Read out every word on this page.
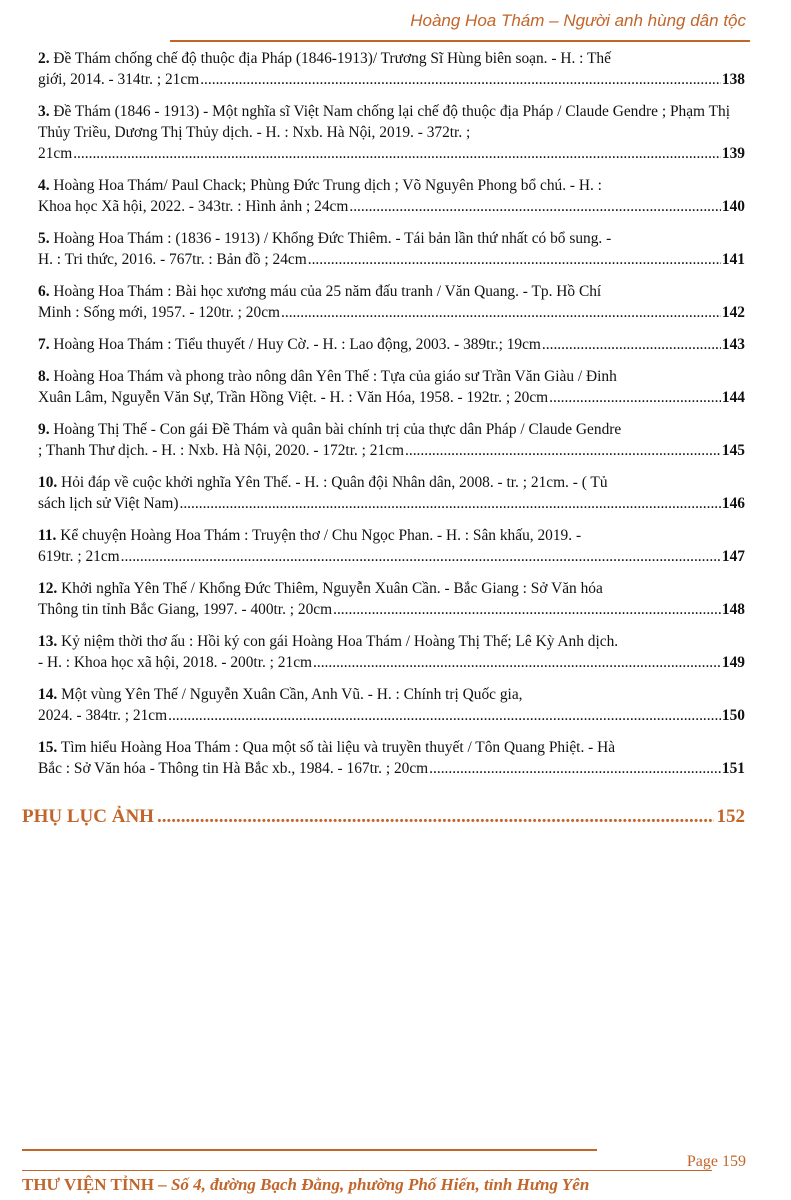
Hoàng Hoa Thám – Người anh hùng dân tộc
2. Đề Thám chống chế độ thuộc địa Pháp (1846-1913)/ Trương Sĩ Hùng biên soạn. - H. : Thế
giới, 2014. - 314tr. ; 21cm .....	138
3. Đề Thám (1846 - 1913) - Một nghĩa sĩ Việt Nam chống lại chế độ thuộc địa Pháp / Claude Gendre ; Phạm Thị Thủy Triều, Dương Thị Thủy dịch. - H. : Nxb. Hà Nội, 2019. - 372tr. ;
21cm .....	139
4. Hoàng Hoa Thám/ Paul Chack; Phùng Đức Trung dịch ; Võ Nguyên Phong bổ chú. - H. :
Khoa học Xã hội, 2022. - 343tr. : Hình ảnh ; 24cm .....	140
5. Hoàng Hoa Thám : (1836 - 1913) / Khổng Đức Thiêm. - Tái bản lần thứ nhất có bổ sung. -
H. : Tri thức, 2016. - 767tr. : Bản đồ ; 24cm .....	141
6. Hoàng Hoa Thám : Bài học xương máu của 25 năm đấu tranh / Văn Quang. - Tp. Hồ Chí
Minh : Sống mới, 1957. - 120tr. ; 20cm .....	142
7.
Hoàng Hoa Thám : Tiểu thuyết / Huy Cờ. - H. : Lao động, 2003. - 389tr.; 19cm .....	143
8. Hoàng Hoa Thám và phong trào nông dân Yên Thế : Tựa của giáo sư Trần Văn Giàu / Đinh
Xuân Lâm, Nguyễn Văn Sự, Trần Hồng Việt. - H. : Văn Hóa, 1958. - 192tr. ; 20cm .....	144
9. Hoàng Thị Thế - Con gái Đề Thám và quân bài chính trị của thực dân Pháp / Claude Gendre
; Thanh Thư dịch. - H. : Nxb. Hà Nội, 2020. - 172tr. ; 21cm .....	145
10. Hỏi đáp về cuộc khởi nghĩa Yên Thế. - H. : Quân đội Nhân dân, 2008. - tr. ; 21cm. - ( Tủ
sách lịch sử Việt Nam) .....	146
11. Kể chuyện Hoàng Hoa Thám : Truyện thơ / Chu Ngọc Phan. - H. : Sân khấu, 2019. -
619tr. ; 21cm .....	147
12. Khởi nghĩa Yên Thế / Khổng Đức Thiêm, Nguyễn Xuân Cần. - Bắc Giang : Sở Văn hóa
Thông tin tỉnh Bắc Giang, 1997. - 400tr. ; 20cm .....	148
13. Kỷ niệm thời thơ ấu : Hồi ký con gái Hoàng Hoa Thám / Hoàng Thị Thế; Lê Kỳ Anh dịch.
- H. : Khoa học xã hội, 2018. - 200tr. ; 21cm .....	149
14. Một vùng Yên Thế / Nguyễn Xuân Cần, Anh Vũ. - H. : Chính trị Quốc gia,
2024. - 384tr. ; 21cm .....	150
15. Tìm hiểu Hoàng Hoa Thám : Qua một số tài liệu và truyền thuyết / Tôn Quang Phiệt. - Hà
Bắc : Sở Văn hóa - Thông tin Hà Bắc xb., 1984. - 167tr. ; 20cm .....	151
PHỤ LỤC ẢNH .....	152
Page 159
THƯ VIỆN TỈNH – Số 4, đường Bạch Đằng, phường Phố Hiến, tỉnh Hưng Yên
